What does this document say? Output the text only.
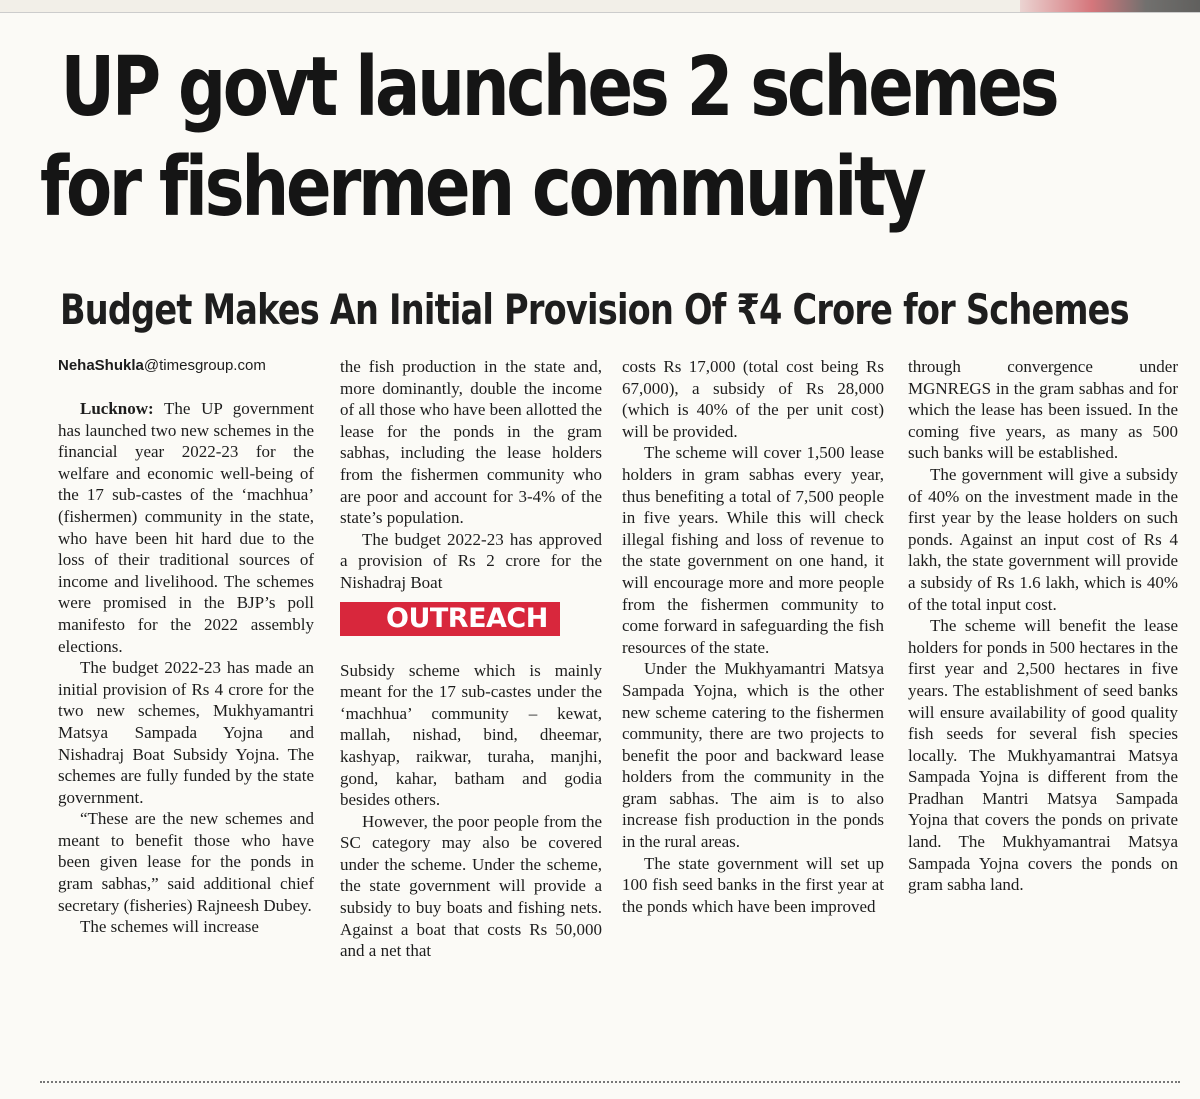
UP govt launches 2 schemes
for fishermen community
Budget Makes An Initial Provision Of ₹4 Crore for Schemes
NehaShukla@timesgroup.com

Lucknow: The UP government has launched two new schemes in the financial year 2022-23 for the welfare and economic well-being of the 17 sub-castes of the ‘machhua’ (fishermen) community in the state, who have been hit hard due to the loss of their traditional sources of income and livelihood. The schemes were promised in the BJP’s poll manifesto for the 2022 assembly elections.

The budget 2022-23 has made an initial provision of Rs 4 crore for the two new schemes, Mukhyamantri Matsya Sampada Yojna and Nishadraj Boat Subsidy Yojna. The schemes are fully funded by the state government.

“These are the new schemes and meant to benefit those who have been given lease for the ponds in gram sabhas,” said additional chief secretary (fisheries) Rajneesh Dubey.

The schemes will increase

the fish production in the state and, more dominantly, double the income of all those who have been allotted the lease for the ponds in the gram sabhas, including the lease holders from the fishermen community who are poor and account for 3-4% of the state’s population.

The budget 2022-23 has approved a provision of Rs 2 crore for the Nishadraj Boat

OUTREACH

Subsidy scheme which is mainly meant for the 17 sub-castes under the ‘machhua’ community – kewat, mallah, nishad, bind, dheemar, kashyap, raikwar, turaha, manjhi, gond, kahar, batham and godia besides others.

However, the poor people from the SC category may also be covered under the scheme. Under the scheme, the state government will provide a subsidy to buy boats and fishing nets. Against a boat that costs Rs 50,000 and a net that

costs Rs 17,000 (total cost being Rs 67,000), a subsidy of Rs 28,000 (which is 40% of the per unit cost) will be provided.

The scheme will cover 1,500 lease holders in gram sabhas every year, thus benefiting a total of 7,500 people in five years. While this will check illegal fishing and loss of revenue to the state government on one hand, it will encourage more and more people from the fishermen community to come forward in safeguarding the fish resources of the state.

Under the Mukhyamantri Matsya Sampada Yojna, which is the other new scheme catering to the fishermen community, there are two projects to benefit the poor and backward lease holders from the community in the gram sabhas. The aim is to also increase fish production in the ponds in the rural areas.

The state government will set up 100 fish seed banks in the first year at the ponds which have been improved

through convergence under MGNREGS in the gram sabhas and for which the lease has been issued. In the coming five years, as many as 500 such banks will be established.

The government will give a subsidy of 40% on the investment made in the first year by the lease holders on such ponds. Against an input cost of Rs 4 lakh, the state government will provide a subsidy of Rs 1.6 lakh, which is 40% of the total input cost.

The scheme will benefit the lease holders for ponds in 500 hectares in the first year and 2,500 hectares in five years. The establishment of seed banks will ensure availability of good quality fish seeds for several fish species locally. The Mukhyamantrai Matsya Sampada Yojna is different from the Pradhan Mantri Matsya Sampada Yojna that covers the ponds on private land. The Mukhyamantrai Matsya Sampada Yojna covers the ponds on gram sabha land.
